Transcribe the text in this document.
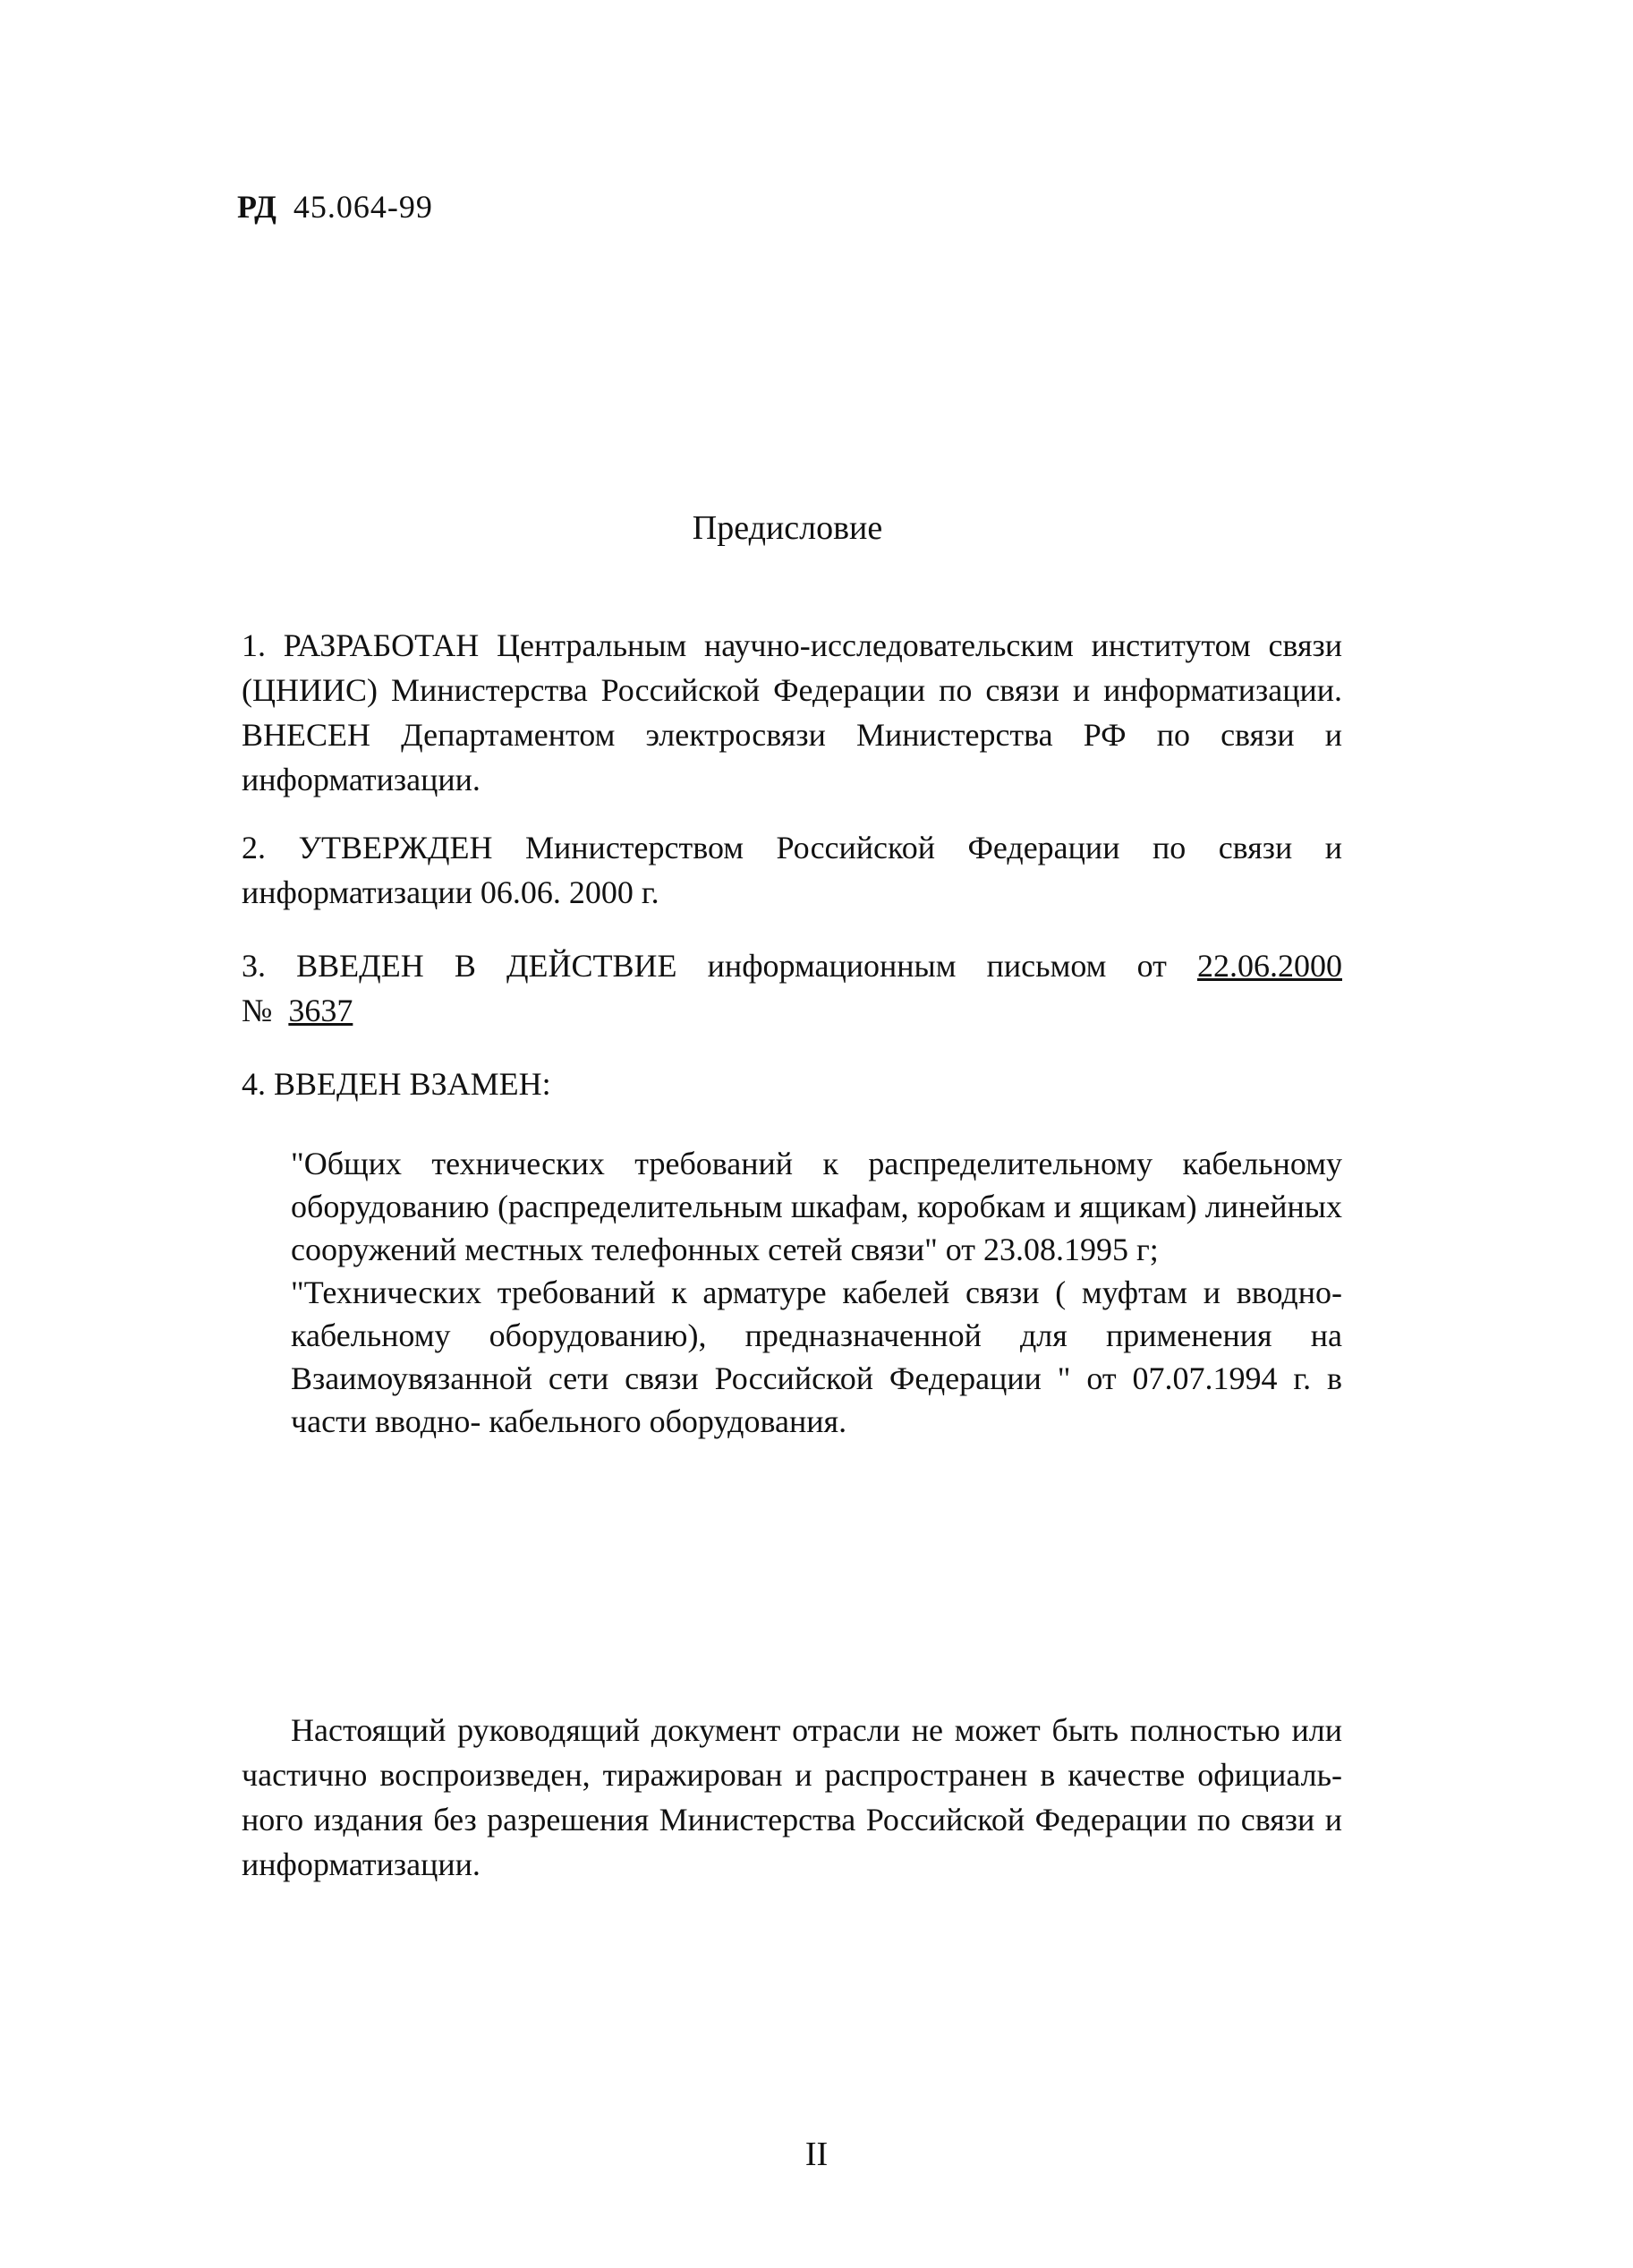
РД 45.064-99
Предисловие
1. РАЗРАБОТАН Центральным научно-исследовательским институтом связи
(ЦНИИС) Министерства Российской Федерации по связи и информатизации.
ВНЕСЕН Департаментом электросвязи Министерства РФ по связи и
информатизации.
2. УТВЕРЖДЕН Министерством Российской Федерации по связи и
информатизации 06.06. 2000 г.
3. ВВЕДЕН В ДЕЙСТВИЕ информационным письмом от 22.06.2000
№ 3637
4. ВВЕДЕН ВЗАМЕН:
"Общих технических требований к распределительному кабельному
оборудованию (распределительным шкафам, коробкам и ящикам) линейных
сооружений местных телефонных сетей связи" от 23.08.1995 г;
"Технических требований к арматуре кабелей связи ( муфтам и вводно-
кабельному оборудованию), предназначенной для применения на
Взаимоувязанной сети связи Российской Федерации " от 07.07.1994 г. в
части вводно- кабельного оборудования.
Настоящий руководящий документ отрасли не может быть полностью или
частично воспроизведен, тиражирован и распространен в качестве официаль-
ного издания без разрешения Министерства Российской Федерации по связи и
информатизации.
II
